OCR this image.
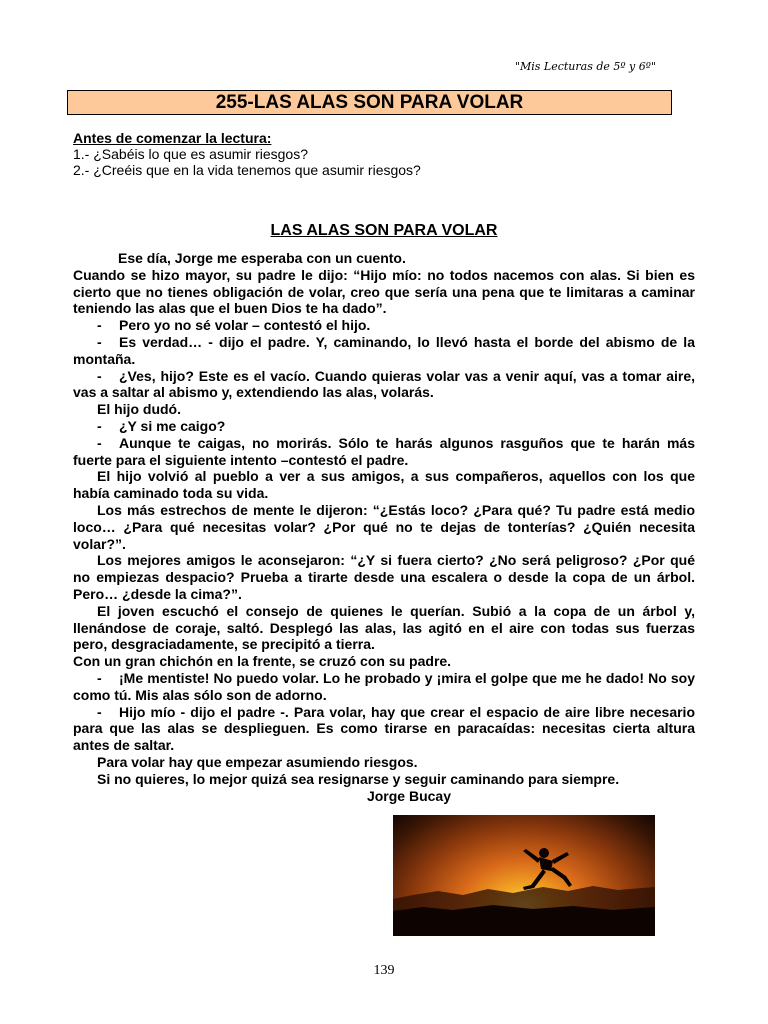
"Mis Lecturas de 5º y 6º"
255-LAS ALAS SON PARA VOLAR
Antes de comenzar la lectura:
1.- ¿Sabéis lo que es asumir riesgos?
2.- ¿Creéis que en la vida tenemos que asumir riesgos?
LAS ALAS SON PARA VOLAR

Ese día, Jorge me esperaba con un cuento.

Cuando se hizo mayor, su padre le dijo: “Hijo mío: no todos nacemos con alas. Si bien es cierto que no tienes obligación de volar, creo que sería una pena que te limitaras a caminar teniendo las alas que el buen Dios te ha dado”.

- Pero yo no sé volar – contestó el hijo.

- Es verdad… - dijo el padre. Y, caminando, lo llevó hasta el borde del abismo de la montaña.

- ¿Ves, hijo? Este es el vacío. Cuando quieras volar vas a venir aquí, vas a tomar aire, vas a saltar al abismo y, extendiendo las alas, volarás.

El hijo dudó.

- ¿Y si me caigo?

- Aunque te caigas, no morirás. Sólo te harás algunos rasguños que te harán más fuerte para el siguiente intento –contestó el padre.

El hijo volvió al pueblo a ver a sus amigos, a sus compañeros, aquellos con los que había caminado toda su vida.

Los más estrechos de mente le dijeron: “¿Estás loco? ¿Para qué? Tu padre está medio loco… ¿Para qué necesitas volar? ¿Por qué no te dejas de tonterías? ¿Quién necesita volar?”.

Los mejores amigos le aconsejaron: “¿Y si fuera cierto? ¿No será peligroso? ¿Por qué no empiezas despacio? Prueba a tirarte desde una escalera o desde la copa de un árbol. Pero… ¿desde la cima?”.

El joven escuchó el consejo de quienes le querían. Subió a la copa de un árbol y, llenándose de coraje, saltó. Desplegó las alas, las agitó en el aire con todas sus fuerzas pero, desgraciadamente, se precipitó a tierra.

Con un gran chichón en la frente, se cruzó con su padre.

- ¡Me mentiste! No puedo volar. Lo he probado y ¡mira el golpe que me he dado! No soy como tú. Mis alas sólo son de adorno.

- Hijo mío - dijo el padre -. Para volar, hay que crear el espacio de aire libre necesario para que las alas se desplieguen. Es como tirarse en paracaídas: necesitas cierta altura antes de saltar.

Para volar hay que empezar asumiendo riesgos.

Si no quieres, lo mejor quizá sea resignarse y seguir caminando para siempre.

Jorge Bucay

139
